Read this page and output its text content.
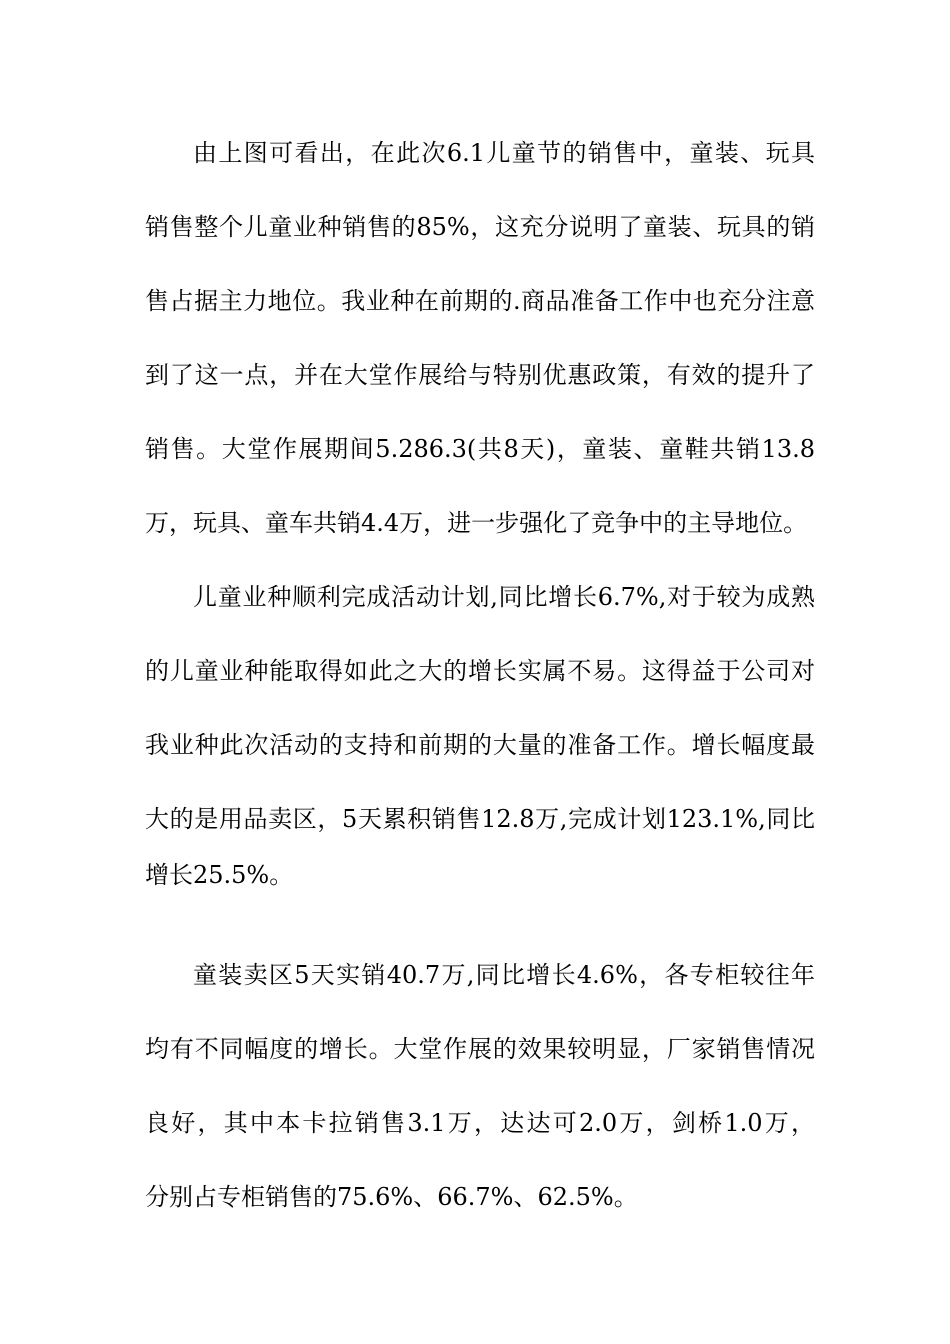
由上图可看出，在此次6.1儿童节的销售中，童装、玩具
销售整个儿童业种销售的85%，这充分说明了童装、玩具的销
售占据主力地位。我业种在前期的.商品准备工作中也充分注意
到了这一点，并在大堂作展给与特别优惠政策，有效的提升了
销售。大堂作展期间5.286.3(共8天)，童装、童鞋共销13.8
万，玩具、童车共销4.4万，进一步强化了竞争中的主导地位。
儿童业种顺利完成活动计划,同比增长6.7%,对于较为成熟
的儿童业种能取得如此之大的增长实属不易。这得益于公司对
我业种此次活动的支持和前期的大量的准备工作。增长幅度最
大的是用品卖区，5天累积销售12.8万,完成计划123.1%,同比
增长25.5%。
童装卖区5天实销40.7万,同比增长4.6%，各专柜较往年
均有不同幅度的增长。大堂作展的效果较明显，厂家销售情况
良好，其中本卡拉销售3.1万，达达可2.0万，剑桥1.0万，
分别占专柜销售的75.6%、66.7%、62.5%。
